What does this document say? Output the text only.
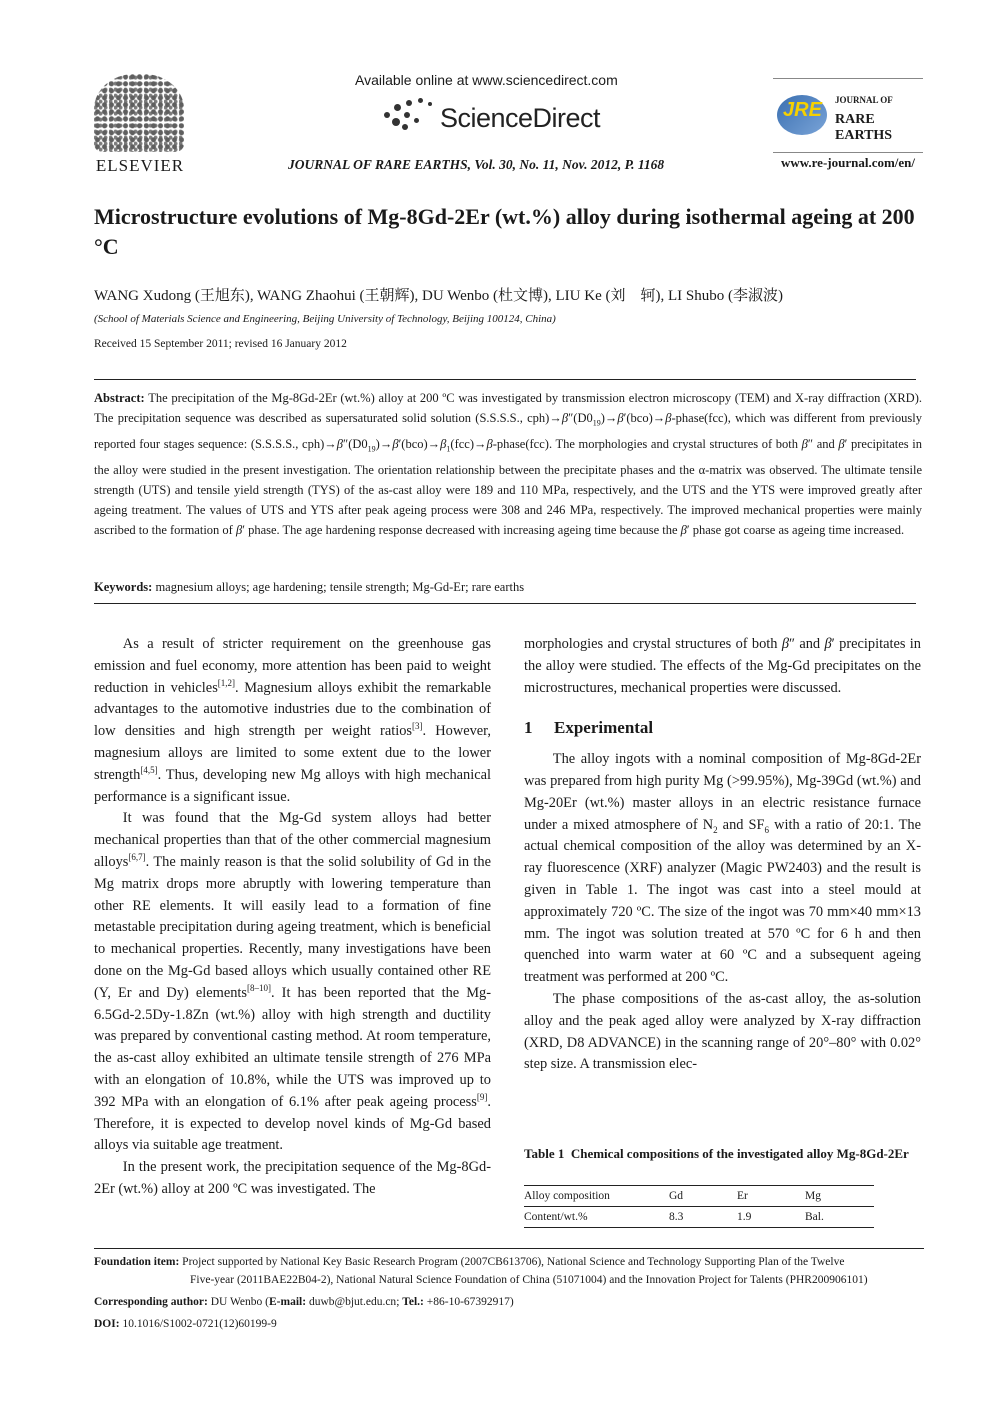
ELSEVIER
Available online at www.sciencedirect.com
ScienceDirect
JOURNAL OF RARE EARTHS, Vol. 30, No. 11, Nov. 2012, P. 1168
JRE JOURNAL OF
RARE EARTHS
www.re-journal.com/en/
Microstructure evolutions of Mg-8Gd-2Er (wt.%) alloy during isothermal ageing at 200 °C
WANG Xudong (王旭东), WANG Zhaohui (王朝辉), DU Wenbo (杜文博), LIU Ke (刘　轲), LI Shubo (李淑波)
(School of Materials Science and Engineering, Beijing University of Technology, Beijing 100124, China)
Received 15 September 2011; revised 16 January 2012
Abstract: The precipitation of the Mg-8Gd-2Er (wt.%) alloy at 200 ºC was investigated by transmission electron microscopy (TEM) and X-ray diffraction (XRD). The precipitation sequence was described as supersaturated solid solution (S.S.S.S., $cph)\to\beta''(D0_{19})\to\beta'(bco)\to\beta-phase(fcc)$, which was different from previously reported four stages sequence: (S.S.S.S., $cph)\to\beta''(D0_{19})\to\beta'(bco)\to\beta_1(fcc)\to\beta-phase(fcc)$. The morphologies and crystal structures of both β″ and β′ precipitates in the alloy were studied in the present investigation. The orientation relationship between the precipitate phases and the α-matrix was observed. The ultimate tensile strength (UTS) and tensile yield strength (TYS) of the as-cast alloy were 189 and 110 MPa, respectively, and the UTS and the YTS were improved greatly after ageing treatment. The values of UTS and YTS after peak ageing process were 308 and 246 MPa, respectively. The improved mechanical properties were mainly ascribed to the formation of β′ phase. The age hardening response decreased with increasing ageing time because the β′ phase got coarse as ageing time increased.
Keywords: magnesium alloys; age hardening; tensile strength; Mg-Gd-Er; rare earths

As a result of stricter requirement on the greenhouse gas emission and fuel economy, more attention has been paid to weight reduction in vehicles[1,2]. Magnesium alloys exhibit the remarkable advantages to the automotive industries due to the combination of low densities and high strength per weight ratios[3]. However, magnesium alloys are limited to some extent due to the lower strength[4,5]. Thus, developing new Mg alloys with high mechanical performance is a significant issue.

It was found that the Mg-Gd system alloys had better mechanical properties than that of the other commercial magnesium alloys[6,7]. The mainly reason is that the solid solubility of Gd in the Mg matrix drops more abruptly with lowering temperature than other RE elements. It will easily lead to a formation of fine metastable precipitation during ageing treatment, which is beneficial to mechanical properties. Recently, many investigations have been done on the Mg-Gd based alloys which usually contained other RE (Y, Er and Dy) elements[8–10]. It has been reported that the Mg-6.5Gd-2.5Dy-1.8Zn (wt.%) alloy with high strength and ductility was prepared by conventional casting method. At room temperature, the as-cast alloy exhibited an ultimate tensile strength of 276 MPa with an elongation of 10.8%, while the UTS was improved up to 392 MPa with an elongation of 6.1% after peak ageing process[9]. Therefore, it is expected to develop novel kinds of Mg-Gd based alloys via suitable age treatment.

In the present work, the precipitation sequence of the Mg-8Gd-2Er (wt.%) alloy at 200 ºC was investigated. The

morphologies and crystal structures of both β″ and β′ precipitates in the alloy were studied. The effects of the Mg-Gd precipitates on the microstructures, mechanical properties were discussed.

1 Experimental

The alloy ingots with a nominal composition of Mg-8Gd-2Er was prepared from high purity Mg (>99.95%), Mg-39Gd (wt.%) and Mg-20Er (wt.%) master alloys in an electric resistance furnace under a mixed atmosphere of $N_2$ and $SF_6$ with a ratio of 20:1. The actual chemical composition of the alloy was determined by an X-ray fluorescence (XRF) analyzer (Magic PW2403) and the result is given in Table 1. The ingot was cast into a steel mould at approximately 720 ºC. The size of the ingot was 70 mm×40 mm×13 mm. The ingot was solution treated at 570 ºC for 6 h and then quenched into warm water at 60 ºC and a subsequent ageing treatment was performed at 200 ºC.

The phase compositions of the as-cast alloy, the as-solution alloy and the peak aged alloy were analyzed by X-ray diffraction (XRD, D8 ADVANCE) in the scanning range of 20°–80° with 0.02° step size. A transmission elec-

Table 1 Chemical compositions of the investigated alloy Mg-8Gd-2Er
Alloy composition	Gd	Er	Mg
Content/wt.%	8.3	1.9	Bal.
Foundation item: Project supported by National Key Basic Research Program (2007CB613706), National Science and Technology Supporting Plan of the Twelve
Five-year (2011BAE22B04-2), National Natural Science Foundation of China (51071004) and the Innovation Project for Talents (PHR200906101)
Corresponding author: DU Wenbo (E-mail: duwb@bjut.edu.cn; Tel.: +86-10-67392917)
DOI: 10.1016/S1002-0721(12)60199-9
